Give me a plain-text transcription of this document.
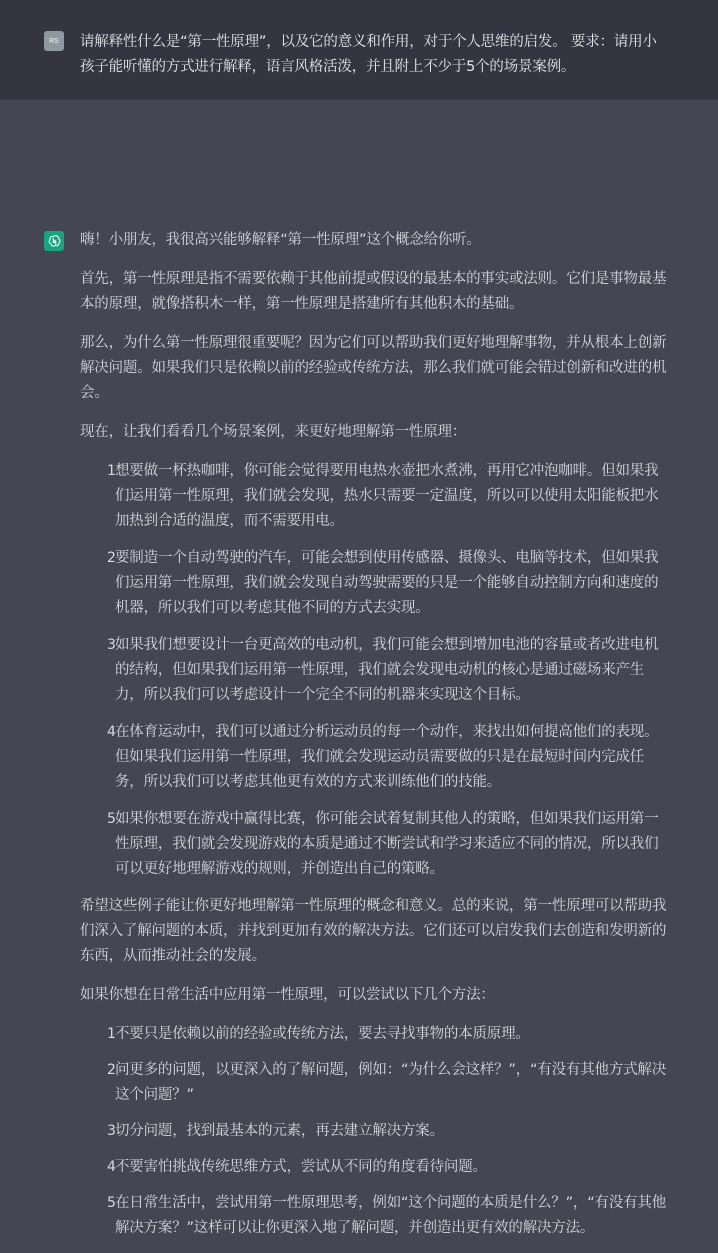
RS	请解释性什么是“第一性原理”，以及它的意义和作用，对于个人思维的启发。 要求：请用小孩子能听懂的方式进行解释，语言风格活泼，并且附上不少于5个的场景案例。

嗨！小朋友，我很高兴能够解释“第一性原理”这个概念给你听。

首先，第一性原理是指不需要依赖于其他前提或假设的最基本的事实或法则。它们是事物最基本的原理，就像搭积木一样，第一性原理是搭建所有其他积木的基础。

那么，为什么第一性原理很重要呢？因为它们可以帮助我们更好地理解事物，并从根本上创新解决问题。如果我们只是依赖以前的经验或传统方法，那么我们就可能会错过创新和改进的机会。

现在，让我们看看几个场景案例，来更好地理解第一性原理：

1 想要做一杯热咖啡，你可能会觉得要用电热水壶把水煮沸，再用它冲泡咖啡。但如果我们运用第一性原理，我们就会发现，热水只需要一定温度，所以可以使用太阳能板把水加热到合适的温度，而不需要用电。
2 要制造一个自动驾驶的汽车，可能会想到使用传感器、摄像头、电脑等技术，但如果我们运用第一性原理，我们就会发现自动驾驶需要的只是一个能够自动控制方向和速度的机器，所以我们可以考虑其他不同的方式去实现。
3 如果我们想要设计一台更高效的电动机，我们可能会想到增加电池的容量或者改进电机的结构，但如果我们运用第一性原理，我们就会发现电动机的核心是通过磁场来产生力，所以我们可以考虑设计一个完全不同的机器来实现这个目标。
4 在体育运动中，我们可以通过分析运动员的每一个动作，来找出如何提高他们的表现。但如果我们运用第一性原理，我们就会发现运动员需要做的只是在最短时间内完成任务，所以我们可以考虑其他更有效的方式来训练他们的技能。
5 如果你想要在游戏中赢得比赛，你可能会试着复制其他人的策略，但如果我们运用第一性原理，我们就会发现游戏的本质是通过不断尝试和学习来适应不同的情况，所以我们可以更好地理解游戏的规则，并创造出自己的策略。

希望这些例子能让你更好地理解第一性原理的概念和意义。总的来说，第一性原理可以帮助我们深入了解问题的本质，并找到更加有效的解决方法。它们还可以启发我们去创造和发明新的东西，从而推动社会的发展。

如果你想在日常生活中应用第一性原理，可以尝试以下几个方法：

1 不要只是依赖以前的经验或传统方法，要去寻找事物的本质原理。
2 问更多的问题，以更深入的了解问题，例如：“为什么会这样？”，“有没有其他方式解决这个问题？”
3 切分问题，找到最基本的元素，再去建立解决方案。
4 不要害怕挑战传统思维方式，尝试从不同的角度看待问题。
5 在日常生活中，尝试用第一性原理思考，例如“这个问题的本质是什么？”，“有没有其他解决方案？”这样可以让你更深入地了解问题，并创造出更有效的解决方法。
